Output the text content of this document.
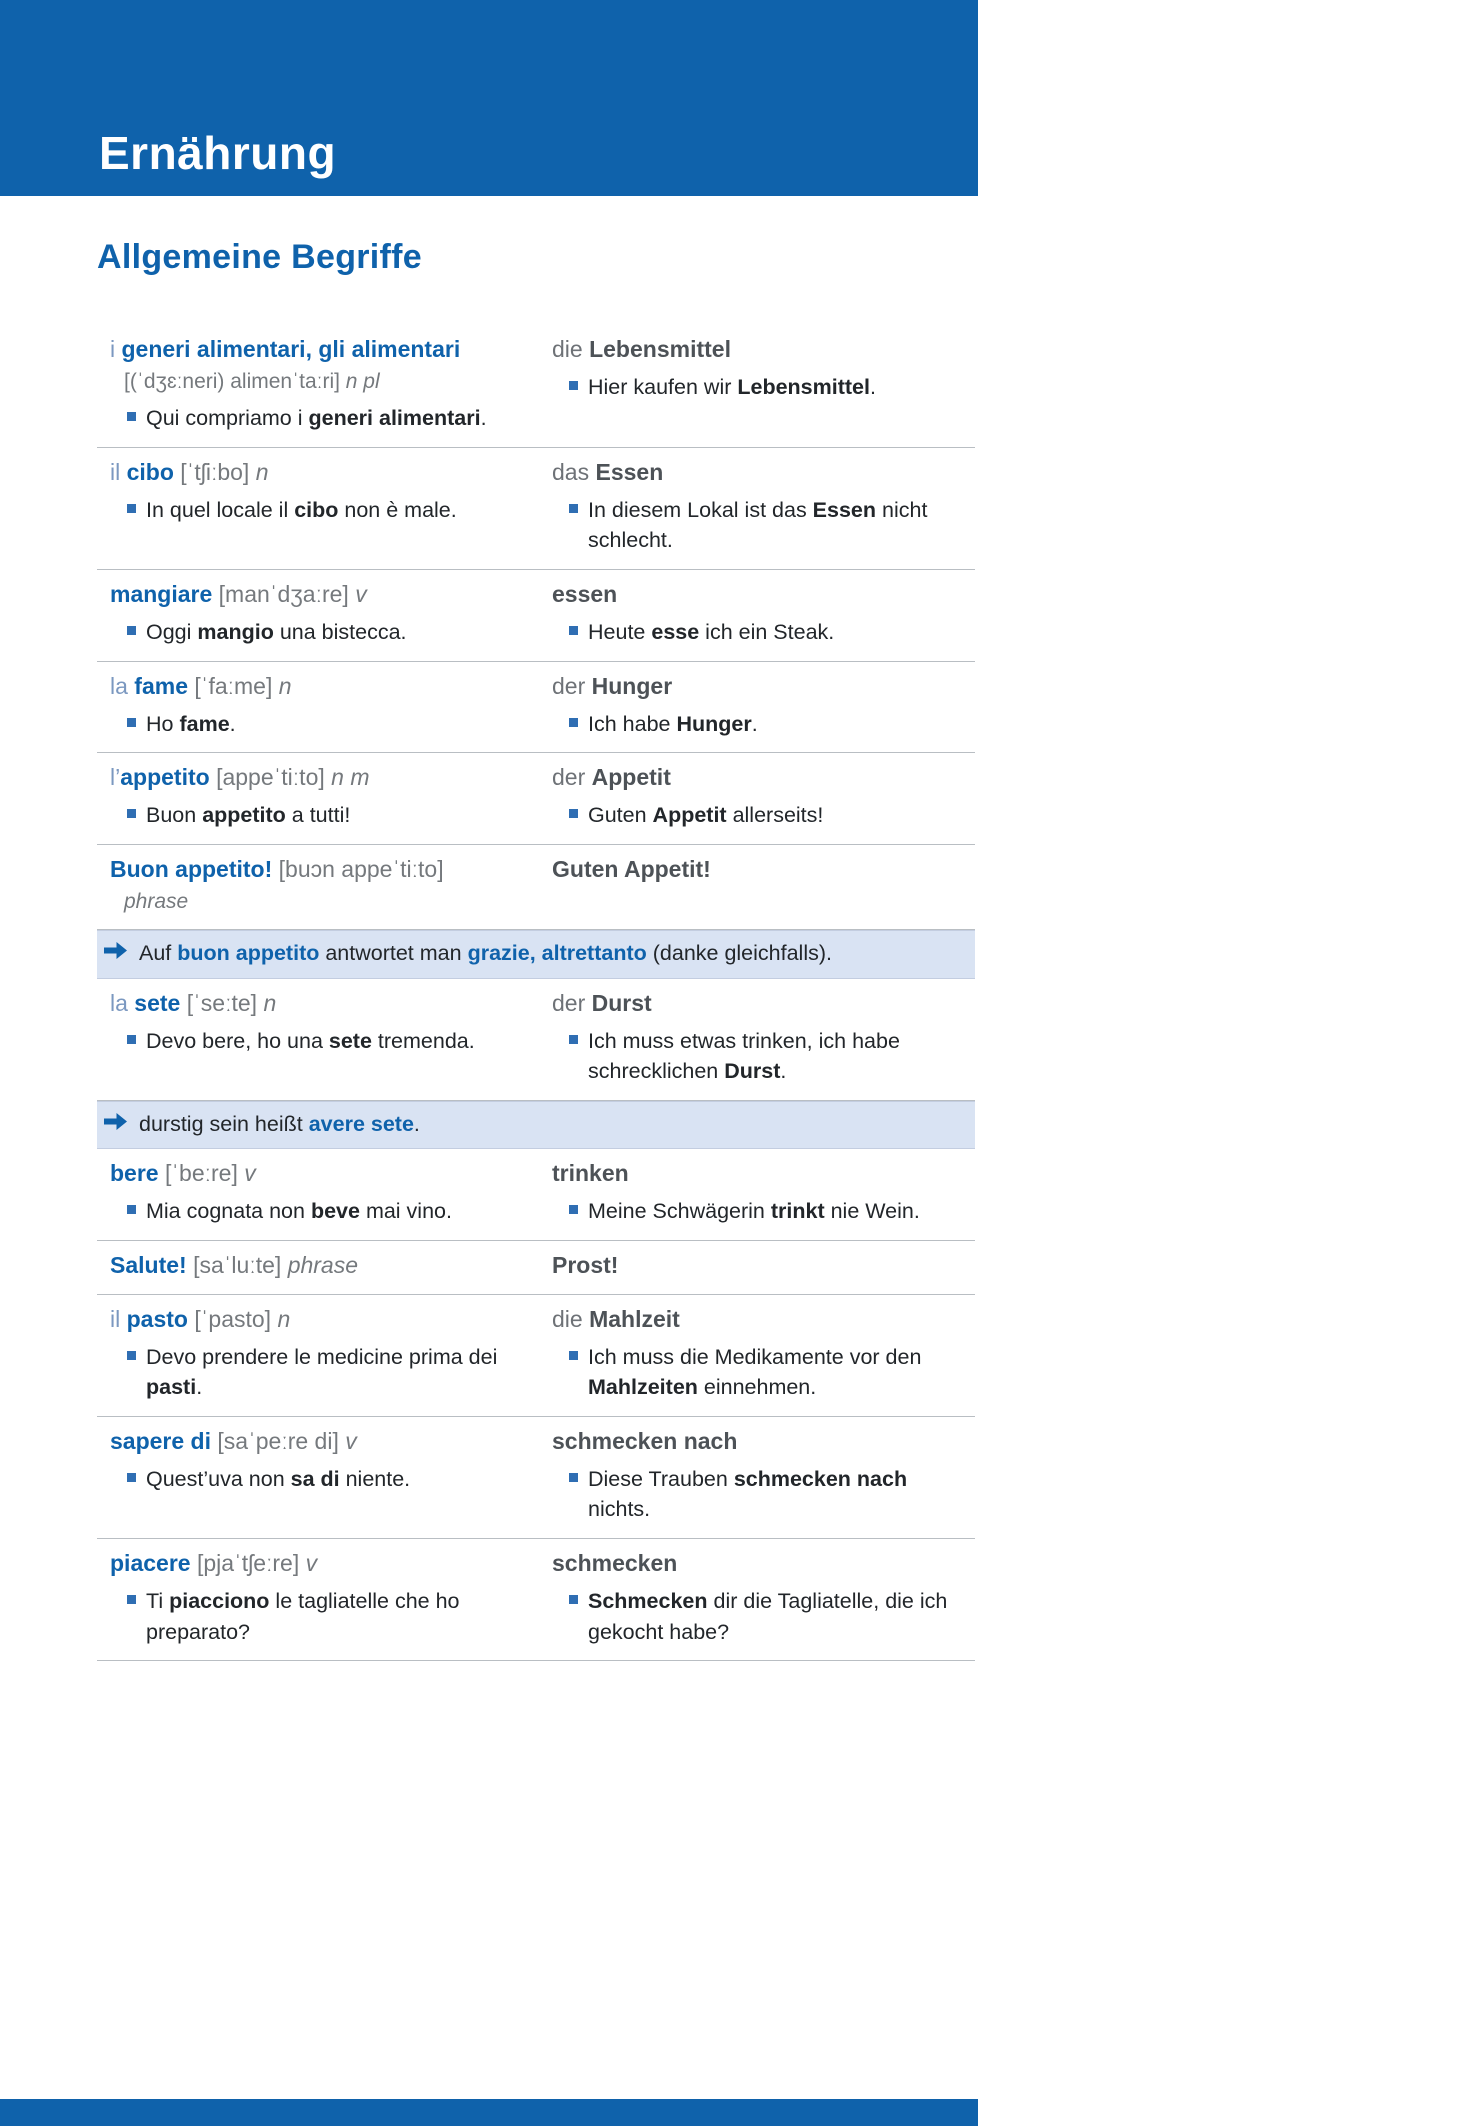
Ernährung
Allgemeine Begriffe
i generi alimentari, gli alimentari
[(ˈdʒɛːneri) alimenˈtaːri] n pl

Qui compriamo i generi alimentari.

die Lebensmittel

Hier kaufen wir Lebensmittel.

il cibo [ˈtʃiːbo] n

In quel locale il cibo non è male.

das Essen

In diesem Lokal ist das Essen nicht schlecht.

mangiare [manˈdʒaːre] v

Oggi mangio una bistecca.

essen

Heute esse ich ein Steak.

la fame [ˈfaːme] n

Ho fame.

der Hunger

Ich habe Hunger.

l’appetito [appeˈtiːto] n m

Buon appetito a tutti!

der Appetit

Guten Appetit allerseits!

Buon appetito! [buɔn appeˈtiːto]
phrase
Guten Appetit!

Auf buon appetito antwortet man grazie, altrettanto (danke gleichfalls).

la sete [ˈseːte] n

Devo bere, ho una sete tremenda.

der Durst

Ich muss etwas trinken, ich habe schrecklichen Durst.

durstig sein heißt avere sete.

bere [ˈbeːre] v

Mia cognata non beve mai vino.

trinken

Meine Schwägerin trinkt nie Wein.

Salute! [saˈluːte] phrase	Prost!
il pasto [ˈpasto] n

Devo prendere le medicine prima dei pasti.

die Mahlzeit

Ich muss die Medikamente vor den Mahlzeiten einnehmen.

sapere di [saˈpeːre di] v

Quest’uva non sa di niente.

schmecken nach

Diese Trauben schmecken nach nichts.

piacere [pjaˈtʃeːre] v

Ti piacciono le tagliatelle che ho preparato?

schmecken

Schmecken dir die Tagliatelle, die ich gekocht habe?
